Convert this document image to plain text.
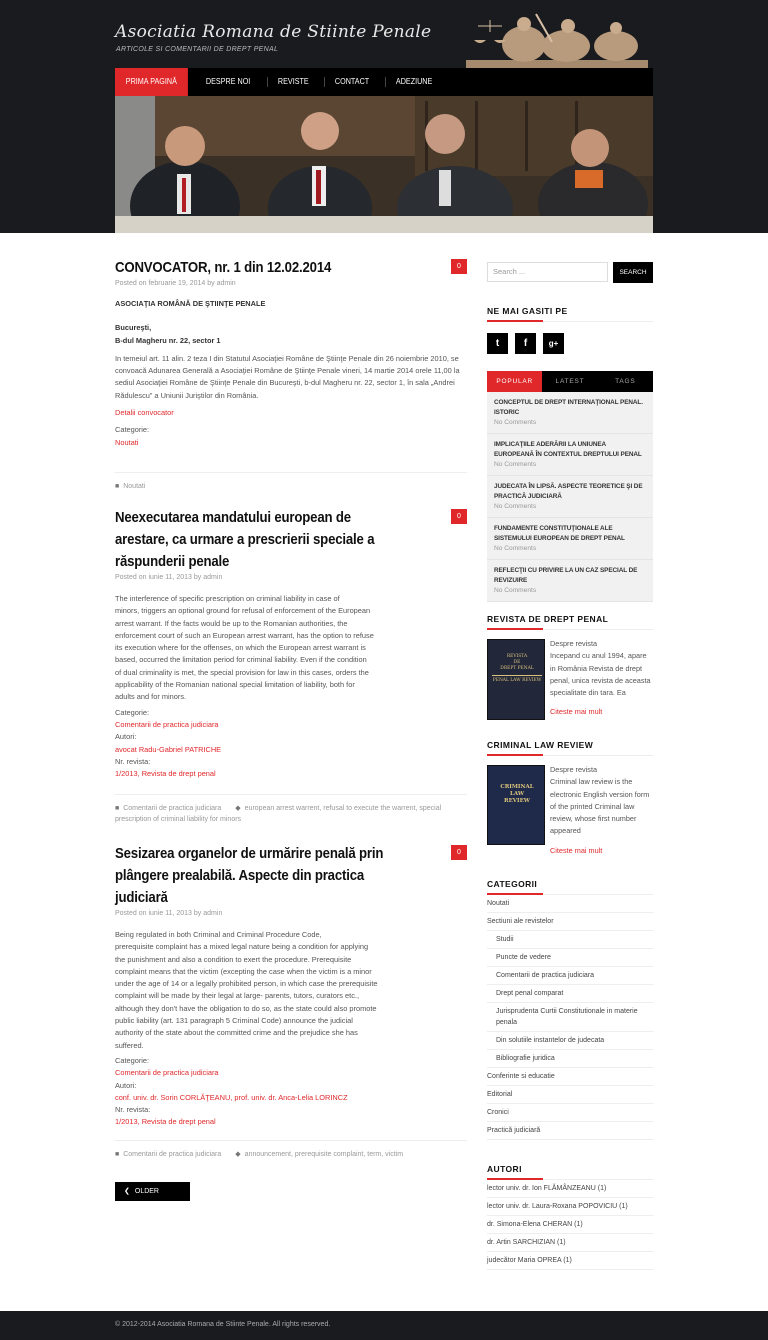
Asociatia Romana de Stiinte Penale
ARTICOLE SI COMENTARII DE DREPT PENAL
PRIMA PAGINĂ	DESPRE NOI	REVISTE	CONTACT	ADEZIUNE
CONVOCATOR, nr. 1 din 12.02.2014	0
Posted on februarie 19, 2014 by admin

ASOCIAŢIA ROMÂNĂ DE ŞTIINŢE PENALE

Bucureşti,

B-dul Magheru nr. 22, sector 1

In temeiul art. 11 alin. 2 teza I din Statutul Asociaţiei Române de Ştiinţe Penale din 26 noiembrie 2010, se convoacă Adunarea Generală a Asociaţiei Române de Ştiinţe Penale vineri, 14 martie 2014 orele 11,00 la sediul Asociaţiei Române de Ştiinţe Penale din Bucureşti, b-dul Magheru nr. 22, sector 1, în sala „Andrei Rădulescu” a Uniunii Juriştilor din România.

Detalii convocator

Categorie:

Noutati
■ Noutati
Neexecutarea mandatului european de arestare, ca urmare a prescrierii speciale a răspunderii penale
0
Posted on iunie 11, 2013 by admin

The interference of specific prescription on criminal liability in case of

minors, triggers an optional ground for refusal of enforcement of the European

arrest warrant. If the facts would be up to the Romanian authorities, the

enforcement court of such an European arrest warrant, has the option to refuse

its execution where for the offenses, on which the European arrest warrant is

based, occurred the limitation period for criminal liability. Even if the condition

of dual criminality is met, the special provision for law in this cases, orders the

applicability of the Romanian national special limitation of liability, both for

adults and for minors.

Categorie:

Comentarii de practica judiciara

Autori:

avocat Radu-Gabriel PATRICHE

Nr. revista:

1/2013, Revista de drept penal
■ Comentarii de practica judiciara ◆ european arrest warrent, refusal to execute the warrent, special prescription of criminal liability for minors
Sesizarea organelor de urmărire penală prin plângere prealabilă. Aspecte din practica judiciară
0
Posted on iunie 11, 2013 by admin

Being regulated in both Criminal and Criminal Procedure Code,

prerequisite complaint has a mixed legal nature being a condition for applying

the punishment and also a condition to exert the procedure. Prerequisite

complaint means that the victim (excepting the case when the victim is a minor

under the age of 14 or a legally prohibited person, in which case the prerequisite

complaint will be made by their legal at large- parents, tutors, curators etc.,

although they don't have the obligation to do so, as the state could also promote

public liability (art. 131 paragraph 5 Criminal Code) announce the judicial

authority of the state about the committed crime and the prejudice she has

suffered.

Categorie:

Comentarii de practica judiciara

Autori:

conf. univ. dr. Sorin CORLĂŢEANU, prof. univ. dr. Anca-Lelia LORINCZ

Nr. revista:

1/2013, Revista de drept penal
■ Comentarii de practica judiciara ◆ announcement, prerequisite complaint, term, victim
❮ OLDER ARTICLES
Search ...	SEARCH
NE MAI GASITI PE
t	f	g+
POPULAR	LATEST	TAGS
CONCEPTUL DE DREPT INTERNAŢIONAL PENAL. ISTORIC
No Comments
IMPLICAŢIILE ADERĂRII LA UNIUNEA EUROPEANĂ ÎN CONTEXTUL DREPTULUI PENAL
No Comments
JUDECATA ÎN LIPSĂ. ASPECTE TEORETICE ŞI DE PRACTICĂ JUDICIARĂ
No Comments
FUNDAMENTE CONSTITUŢIONALE ALE SISTEMULUI EUROPEAN DE DREPT PENAL
No Comments
REFLECŢII CU PRIVIRE LA UN CAZ SPECIAL DE REVIZUIRE
No Comments
REVISTA DE DREPT PENAL
REVISTA
DE
DREPT PENAL
PENAL LAW REVIEW
Despre revista
Incepand cu anul 1994, apare in România Revista de drept penal, unica revista de aceasta specialitate din tara. Ea
Citeste mai mult
CRIMINAL LAW REVIEW
CRIMINAL
LAW
REVIEW
Despre revista
Criminal law review is the electronic English version form of the printed Criminal law review, whose first number appeared
Citeste mai mult
CATEGORII
Noutati
Sectiuni ale revistelor
Studii
Puncte de vedere
Comentarii de practica judiciara
Drept penal comparat
Jurisprudenta Curtii Constitutionale in materie penala
Din solutiile instantelor de judecata
Bibliografie juridica
Conferinte si educatie
Editorial
Cronici
Practică judiciară
AUTORI
lector univ. dr. Ion FLĂMÂNZEANU (1)
lector univ. dr. Laura-Roxana POPOVICIU (1)
dr. Simona-Elena CHERAN (1)
dr. Artin SARCHIZIAN (1)
judecător Maria OPREA (1)
© 2012-2014 Asociatia Romana de Stiinte Penale. All rights reserved.
